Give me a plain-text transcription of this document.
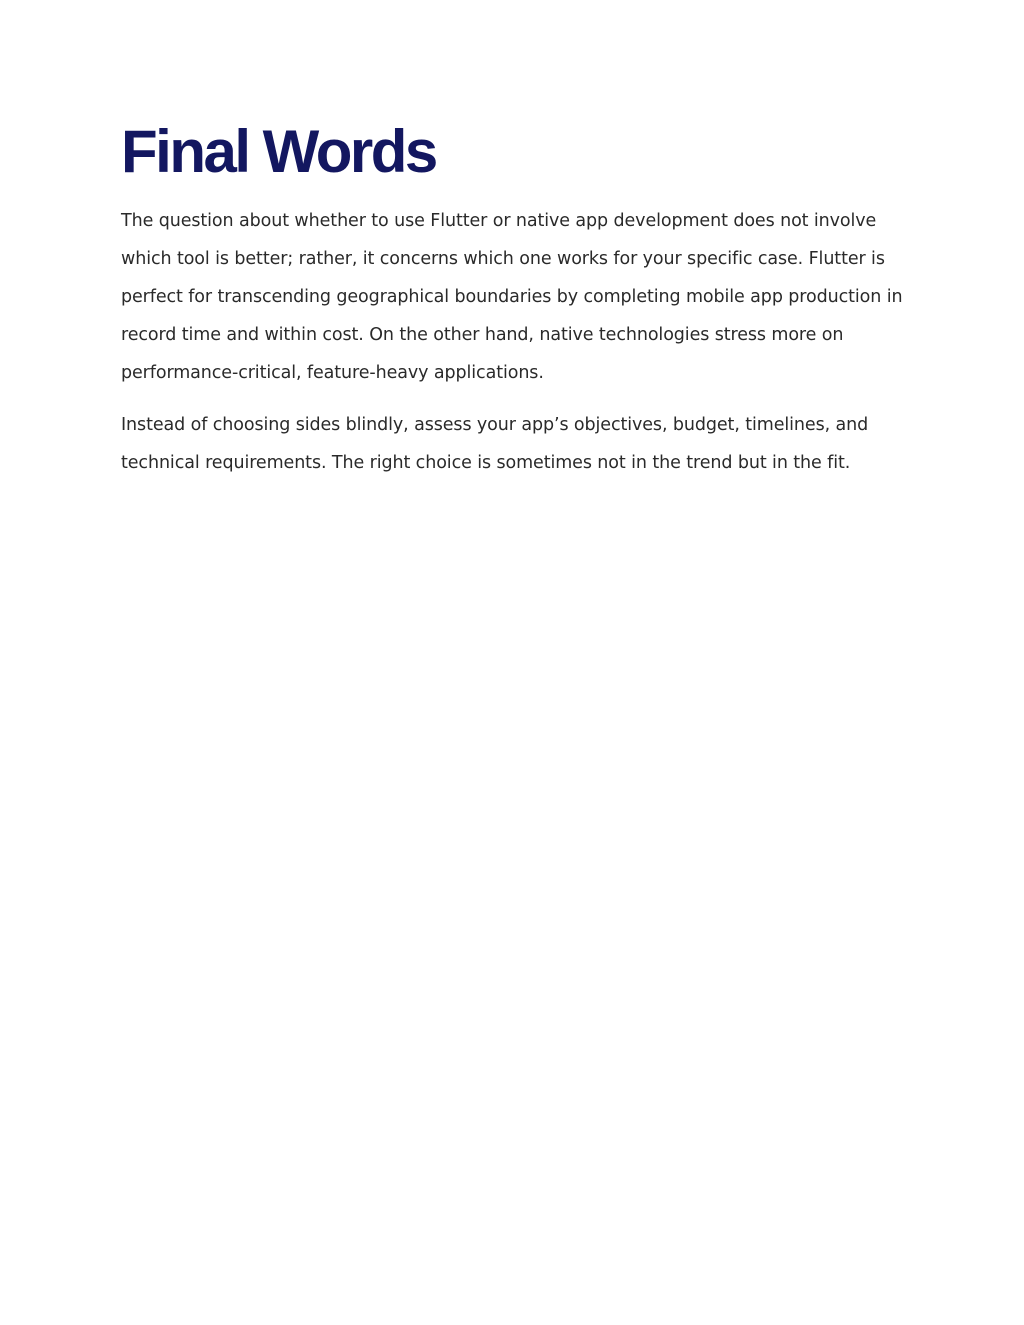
Final Words

The question about whether to use Flutter or native app development does not involve which tool is better; rather, it concerns which one works for your specific case. Flutter is perfect for transcending geographical boundaries by completing mobile app production in record time and within cost. On the other hand, native technologies stress more on performance-critical, feature-heavy applications.

Instead of choosing sides blindly, assess your app’s objectives, budget, timelines, and technical requirements. The right choice is sometimes not in the trend but in the fit.
